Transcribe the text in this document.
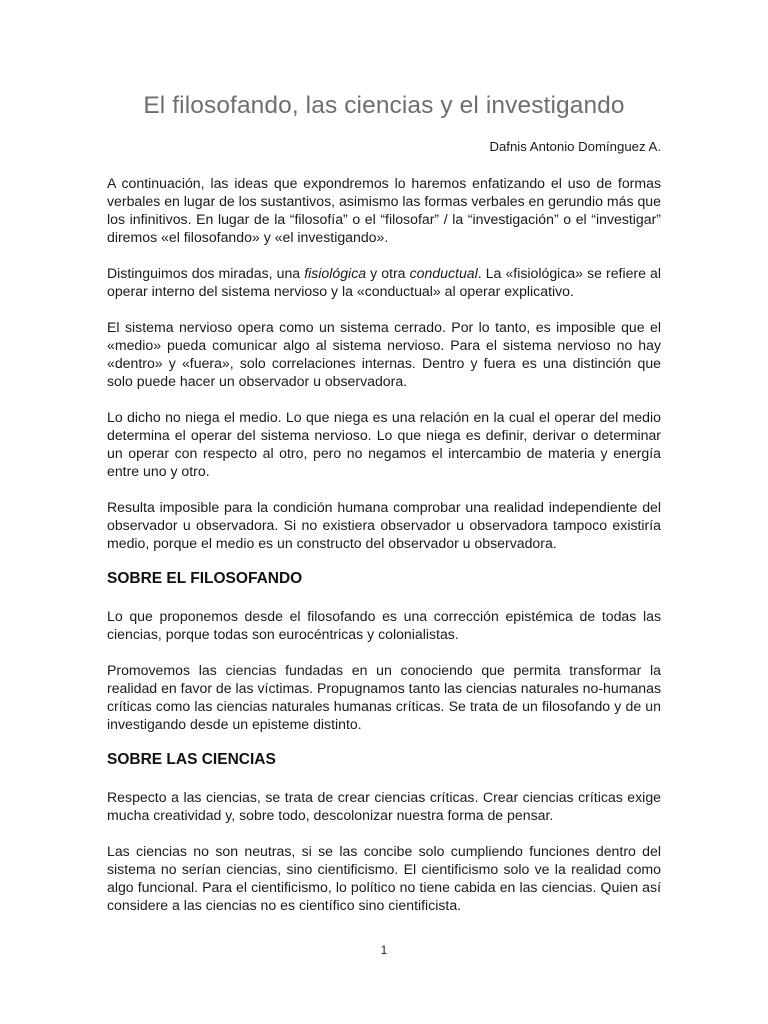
El filosofando, las ciencias y el investigando

Dafnis Antonio Domínguez A.

A continuación, las ideas que expondremos lo haremos enfatizando el uso de formas verbales en lugar de los sustantivos, asimismo las formas verbales en gerundio más que los infinitivos. En lugar de la “filosofía” o el “filosofar” / la “investigación” o el “investigar” diremos «el filosofando» y «el investigando».

Distinguimos dos miradas, una fisiológica y otra conductual. La «fisiológica» se refiere al operar interno del sistema nervioso y la «conductual» al operar explicativo.

El sistema nervioso opera como un sistema cerrado. Por lo tanto, es imposible que el «medio» pueda comunicar algo al sistema nervioso. Para el sistema nervioso no hay «dentro» y «fuera», solo correlaciones internas. Dentro y fuera es una distinción que solo puede hacer un observador u observadora.

Lo dicho no niega el medio. Lo que niega es una relación en la cual el operar del medio determina el operar del sistema nervioso. Lo que niega es definir, derivar o determinar un operar con respecto al otro, pero no negamos el intercambio de materia y energía entre uno y otro.

Resulta imposible para la condición humana comprobar una realidad independiente del observador u observadora. Si no existiera observador u observadora tampoco existiría medio, porque el medio es un constructo del observador u observadora.

SOBRE EL FILOSOFANDO

Lo que proponemos desde el filosofando es una corrección epistémica de todas las ciencias, porque todas son eurocéntricas y colonialistas.

Promovemos las ciencias fundadas en un conociendo que permita transformar la realidad en favor de las víctimas. Propugnamos tanto las ciencias naturales no-humanas críticas como las ciencias naturales humanas críticas. Se trata de un filosofando y de un investigando desde un episteme distinto.

SOBRE LAS CIENCIAS

Respecto a las ciencias, se trata de crear ciencias críticas. Crear ciencias críticas exige mucha creatividad y, sobre todo, descolonizar nuestra forma de pensar.

Las ciencias no son neutras, si se las concibe solo cumpliendo funciones dentro del sistema no serían ciencias, sino cientificismo. El cientificismo solo ve la realidad como algo funcional. Para el cientificismo, lo político no tiene cabida en las ciencias. Quien así considere a las ciencias no es científico sino cientificista.

1
